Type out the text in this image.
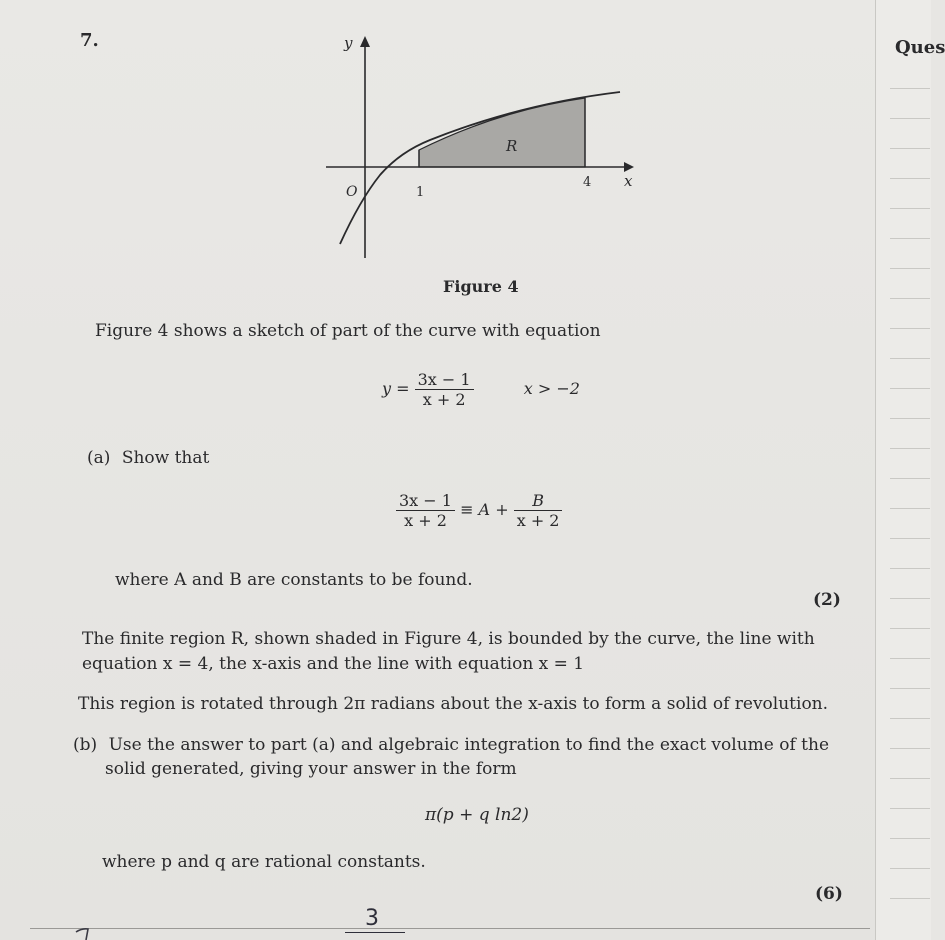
7.	Ques
y
x
O	1
4
R
Figure 4
Figure 4 shows a sketch of part of the curve with equation
$y = \frac{3x - 1}{x + 2}$	x > −2
(a) Show that
$\frac{3x - 1}{x + 2} \equiv A + \frac{B}{x + 2}$
where A and B are constants to be found.
(2)
The finite region R, shown shaded in Figure 4, is bounded by the curve, the line with
equation x = 4, the x-axis and the line with equation x = 1
This region is rotated through 2π radians about the x-axis to form a solid of revolution.
(b) Use the answer to part (a) and algebraic integration to find the exact volume of the
solid generated, giving your answer in the form
π(p + q ln2)
where p and q are rational constants.
(6)
3
